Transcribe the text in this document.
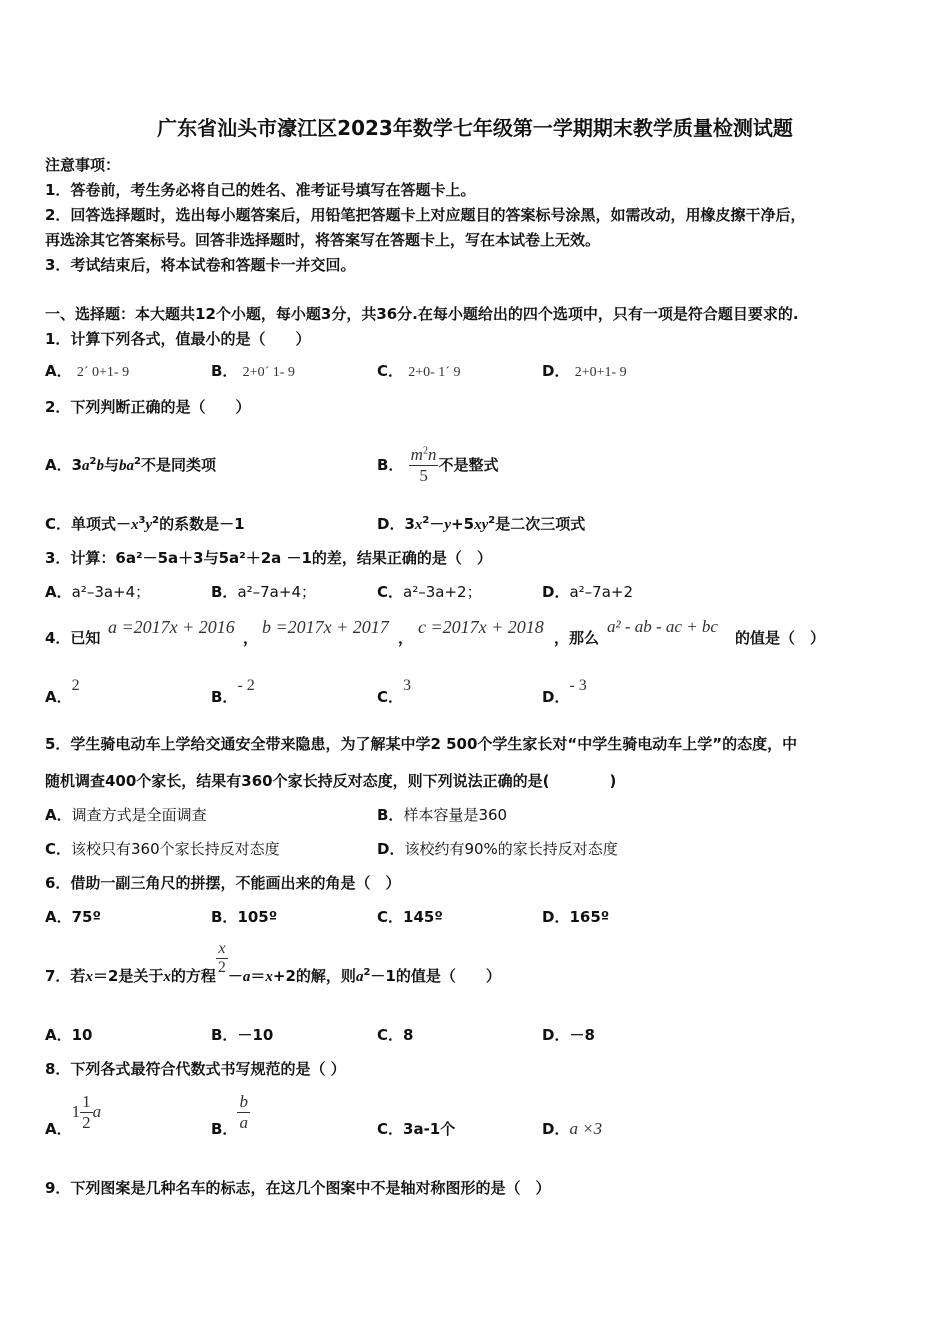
广东省汕头市濠江区2023年数学七年级第一学期期末教学质量检测试题
注意事项：
1．答卷前，考生务必将自己的姓名、准考证号填写在答题卡上。
2．回答选择题时，选出每小题答案后，用铅笔把答题卡上对应题目的答案标号涂黑，如需改动，用橡皮擦干净后，
再选涂其它答案标号。回答非选择题时，将答案写在答题卡上，写在本试卷上无效。
3．考试结束后，将本试卷和答题卡一并交回。
一、选择题：本大题共12个小题，每小题3分，共36分.在每小题给出的四个选项中，只有一项是符合题目要求的.
1．计算下列各式，值最小的是（　　）
A． 2´ 0+1- 9	B． 2+0´ 1- 9	C． 2+0- 1´ 9	D． 2+0+1- 9
2．下列判断正确的是（　　）
A．$3a^2b$与$ba^2$不是同类项	B． $\frac{m^2n}{5}$ 不是整式
C．单项式$-x^3y^2$的系数是－1	D．$3x^2-y+5xy^2$是二次三项式
3．计算：6a²－5a＋3与5a²＋2a －1的差，结果正确的是（　）
A．a²–3a+4；	B．a²–7a+4；	C．a²–3a+2；	D．a²–7a+2
4．已知
a =2017x + 2016
，
b =2017x + 2017
，
c =2017x + 2018
，那么
a² - ab - ac + bc
的值是（　）
A．2
B．- 2
C．3
D．- 3
5．学生骑电动车上学给交通安全带来隐患，为了解某中学2 500个学生家长对“中学生骑电动车上学”的态度，中
随机调查400个家长，结果有360个家长持反对态度，则下列说法正确的是(　　　　)
A．调查方式是全面调查	B．样本容量是360
C．该校只有360个家长持反对态度	D．该校约有90%的家长持反对态度
6．借助一副三角尺的拼摆，不能画出来的角是（　）
A．75º	B．105º	C．145º	D．165º
7．若x＝2是关于x的方程 $\frac{x}{2} -a=x+2$的解，则$a^2-1$的值是（　　）
A．10	B．－10	C．8	D．－8
8．下列各式最符合代数式书写规范的是（ ）
A．$1 \frac{1}{2}$ a
B． $\frac{b}{a}$	C．3a-1个	D．a ×3
9．下列图案是几种名车的标志，在这几个图案中不是轴对称图形的是（　）
